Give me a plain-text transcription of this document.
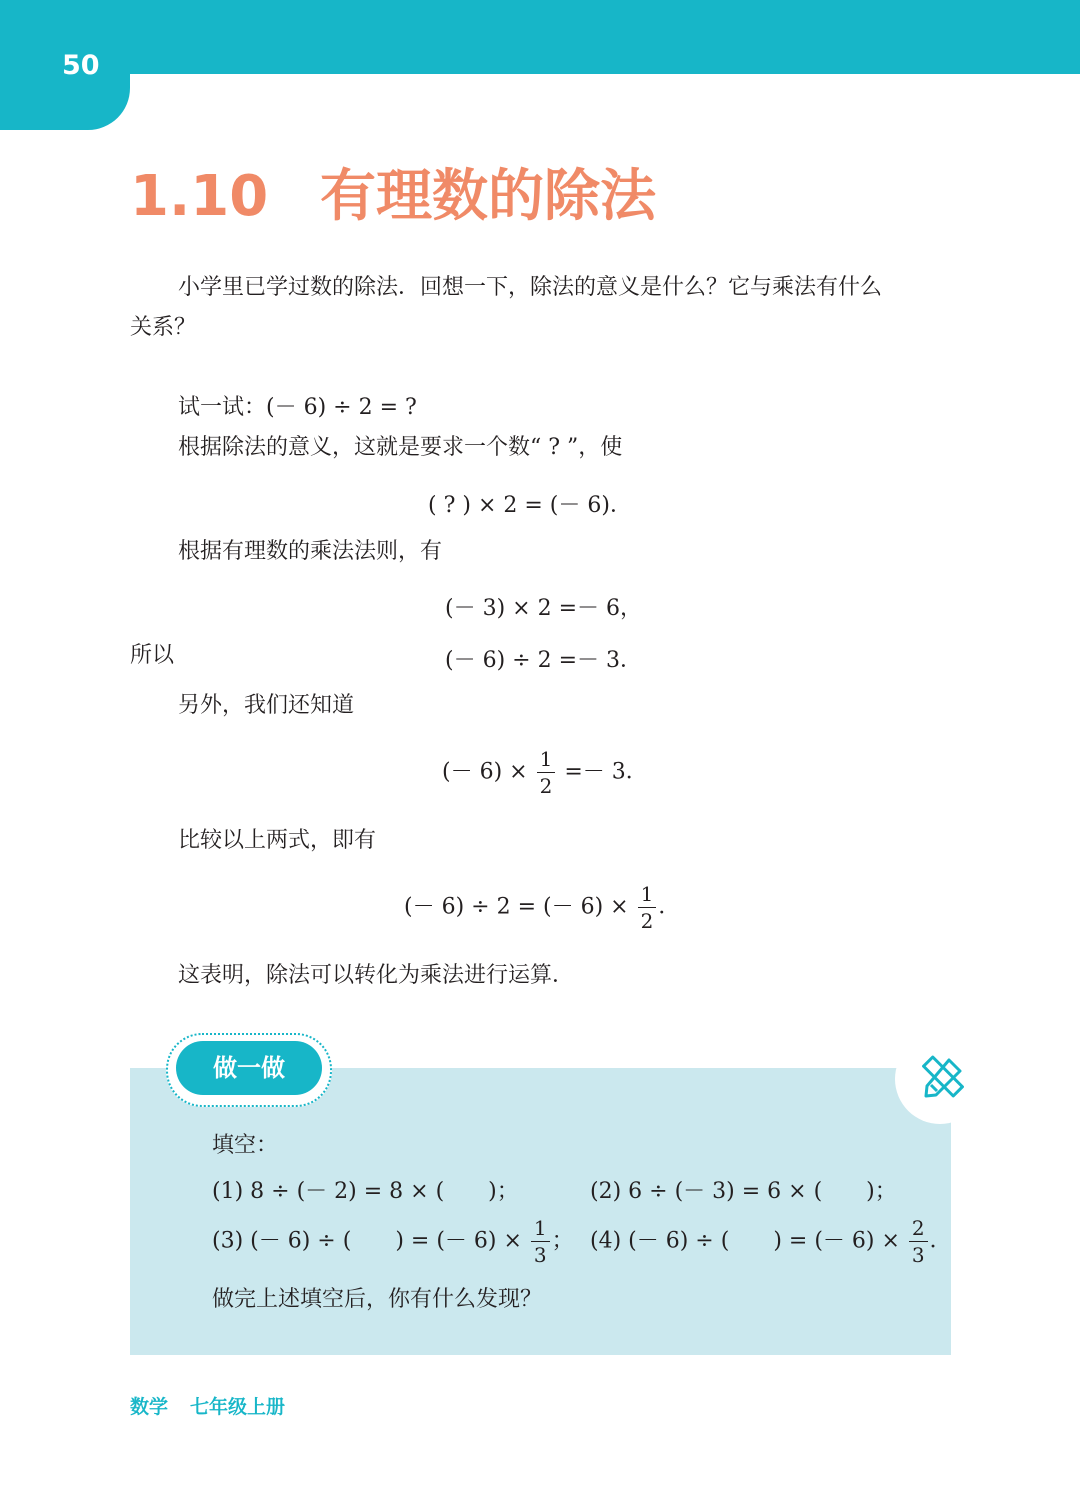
50
1.10 有理数的除法
小学里已学过数的除法．回想一下，除法的意义是什么？它与乘法有什么
关系？
试一试：(－ 6) ÷ 2 = ?
根据除法的意义，这就是要求一个数“ ? ”，使
( ? ) × 2 = (－ 6)．
根据有理数的乘法法则，有
(－ 3) × 2 =－ 6，
所以	(－ 6) ÷ 2 =－ 3．
另外，我们还知道
(－ $6) \times \frac{1}{2} =- 3$．
比较以上两式，即有
(－ 6) ÷ 2 = (－ $6) \times \frac{1}{2}$ ．
这表明，除法可以转化为乘法进行运算．
做一做
填空：
(1) 8 ÷ (－ 2) = 8 × (　　)；	(2) 6 ÷ (－ 3) = 6 × (　　)；
(3) (－ 6) ÷ (　　) = (－ $6) \times \frac{1}{3}$ ； (4) (－ 6) ÷ (　　) = (－ $6) \times \frac{2}{3}$ ．
做完上述填空后，你有什么发现？
数学 七年级上册
